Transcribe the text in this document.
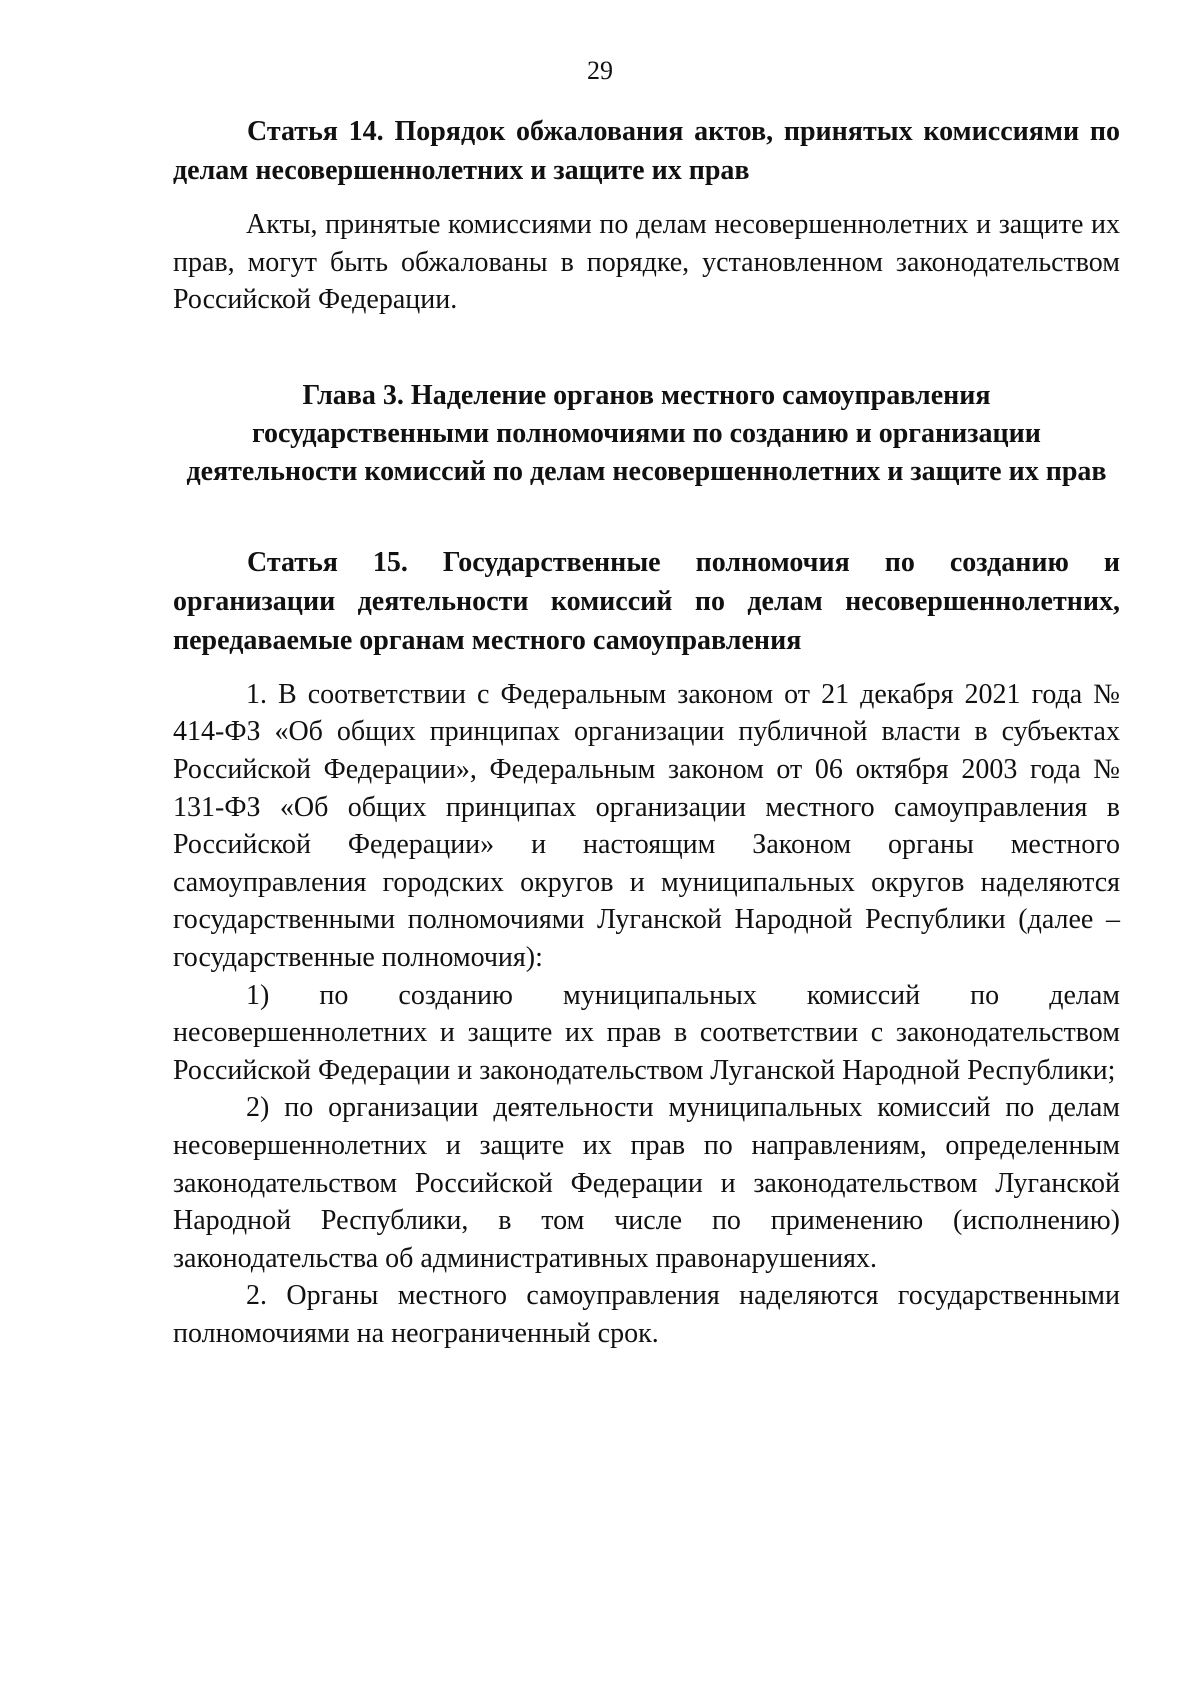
29

Статья 14. Порядок обжалования актов, принятых комиссиями по делам несовершеннолетних и защите их прав

Акты, принятые комиссиями по делам несовершеннолетних и защите их прав, могут быть обжалованы в порядке, установленном законодательством Российской Федерации.

Глава 3. Наделение органов местного самоуправления

государственными полномочиями по созданию и организации

деятельности комиссий по делам несовершеннолетних и защите их прав

Статья 15. Государственные полномочия по созданию и организации деятельности комиссий по делам несовершеннолетних, передаваемые органам местного самоуправления

1. В соответствии с Федеральным законом от 21 декабря 2021 года № 414-ФЗ «Об общих принципах организации публичной власти в субъектах Российской Федерации», Федеральным законом от 06 октября 2003 года № 131-ФЗ «Об общих принципах организации местного самоуправления в Российской Федерации» и настоящим Законом органы местного самоуправления городских округов и муниципальных округов наделяются государственными полномочиями Луганской Народной Республики (далее – государственные полномочия):

1) по созданию муниципальных комиссий по делам несовершеннолетних и защите их прав в соответствии с законодательством Российской Федерации и законодательством Луганской Народной Республики;

2) по организации деятельности муниципальных комиссий по делам несовершеннолетних и защите их прав по направлениям, определенным законодательством Российской Федерации и законодательством Луганской Народной Республики, в том числе по применению (исполнению) законодательства об административных правонарушениях.

2. Органы местного самоуправления наделяются государственными полномочиями на неограниченный срок.
